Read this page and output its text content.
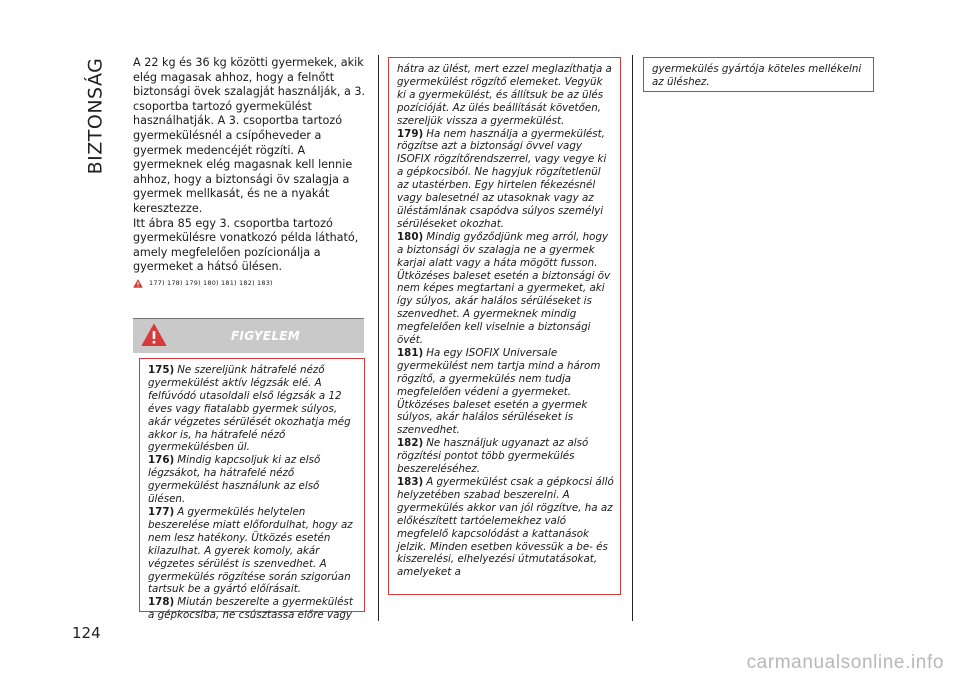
BIZTONSÁG A 22 kg és 36 kg közötti gyermekek, akik elég magasak ahhoz, hogy a felnőtt biztonsági övek szalagját használják, a 3. csoportba tartozó gyermekülést használhatják. A 3. csoportba tartozó gyermekülésnél a csípőheveder a gyermek medencéjét rögzíti. A gyermeknek elég magasnak kell lennie ahhoz, hogy a biztonsági öv szalagja a gyermek mellkasát, és ne a nyakát keresztezze.

Itt ábra 85 egy 3. csoportba tartozó gyermekülésre vonatkozó példa látható, amely megfelelően pozícionálja a gyermeket a hátsó ülésen.

177) 178) 179) 180) 181) 182) 183)
FIGYELEM

175) Ne szereljünk hátrafelé néző gyermekülést aktív légzsák elé. A felfúvódó utasoldali első légzsák a 12 éves vagy fiatalabb gyermek súlyos, akár végzetes sérülését okozhatja még akkor is, ha hátrafelé néző gyermekülésben ül.

176) Mindig kapcsoljuk ki az első légzsákot, ha hátrafelé néző gyermekülést használunk az első ülésen.

177) A gyermekülés helytelen beszerelése miatt előfordulhat, hogy az nem lesz hatékony. Ütközés esetén kilazulhat. A gyerek komoly, akár végzetes sérülést is szenvedhet. A gyermekülés rögzítése során szigorúan tartsuk be a gyártó előírásait.

178) Miután beszerelte a gyermekülést a gépkocsiba, ne csúsztassa előre vagy

hátra az ülést, mert ezzel meglazíthatja a gyermekülést rögzítő elemeket. Vegyük ki a gyermekülést, és állítsuk be az ülés pozícióját. Az ülés beállítását követően, szereljük vissza a gyermekülést.

179) Ha nem használja a gyermekülést, rögzítse azt a biztonsági övvel vagy ISOFIX rögzítőrendszerrel, vagy vegye ki a gépkocsiból. Ne hagyjuk rögzítetlenül az utastérben. Egy hirtelen fékezésnél vagy balesetnél az utasoknak vagy az üléstámlának csapódva súlyos személyi sérüléseket okozhat.

180) Mindig győződjünk meg arról, hogy a biztonsági öv szalagja ne a gyermek karjai alatt vagy a háta mögött fusson. Ütközéses baleset esetén a biztonsági öv nem képes megtartani a gyermeket, aki így súlyos, akár halálos sérüléseket is szenvedhet. A gyermeknek mindig megfelelően kell viselnie a biztonsági övét.

181) Ha egy ISOFIX Universale gyermekülést nem tartja mind a három rögzítő, a gyermekülés nem tudja megfelelően védeni a gyermeket. Ütközéses baleset esetén a gyermek súlyos, akár halálos sérüléseket is szenvedhet.

182) Ne használjuk ugyanazt az alsó rögzítési pontot több gyermekülés beszereléséhez.

183) A gyermekülést csak a gépkocsi álló helyzetében szabad beszerelni. A gyermekülés akkor van jól rögzítve, ha az előkészített tartóelemekhez való megfelelő kapcsolódást a kattanások jelzik. Minden esetben kövessük a be- és kiszerelési, elhelyezési útmutatásokat, amelyeket a

gyermekülés gyártója köteles mellékelni az üléshez.

124
carmanualsonline.info
